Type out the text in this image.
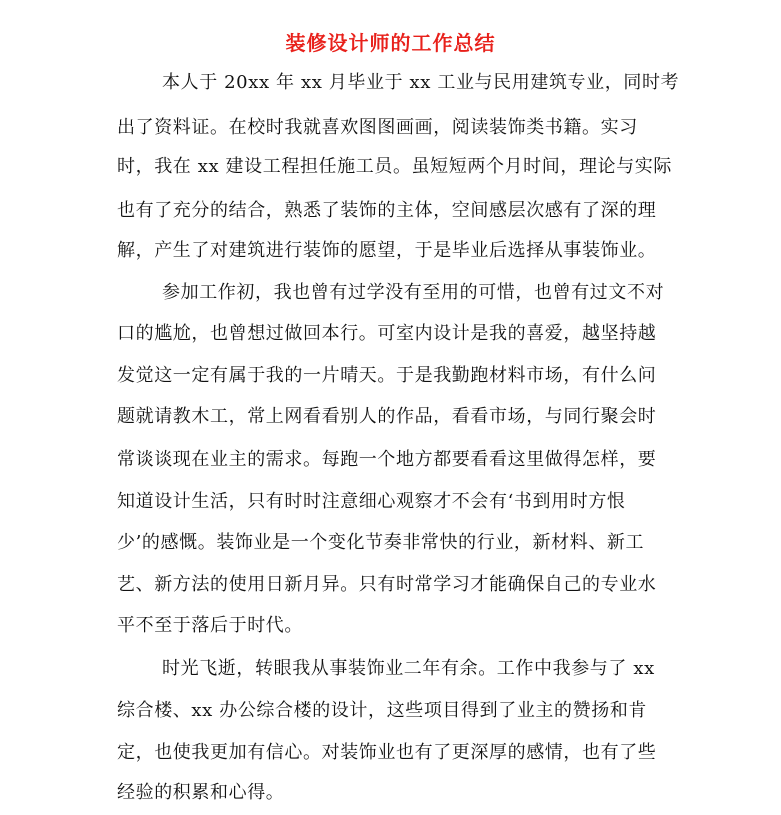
装修设计师的工作总结
本人于 20xx 年 xx 月毕业于 xx 工业与民用建筑专业，同时考
出了资料证。在校时我就喜欢图图画画，阅读装饰类书籍。实习
时，我在 xx 建设工程担任施工员。虽短短两个月时间，理论与实际
也有了充分的结合，熟悉了装饰的主体，空间感层次感有了深的理
解，产生了对建筑进行装饰的愿望，于是毕业后选择从事装饰业。
参加工作初，我也曾有过学没有至用的可惜，也曾有过文不对
口的尴尬，也曾想过做回本行。可室内设计是我的喜爱，越坚持越
发觉这一定有属于我的一片晴天。于是我勤跑材料市场，有什么问
题就请教木工，常上网看看别人的作品，看看市场，与同行聚会时
常谈谈现在业主的需求。每跑一个地方都要看看这里做得怎样，要
知道设计生活，只有时时注意细心观察才不会有‘书到用时方恨
少’的感慨。装饰业是一个变化节奏非常快的行业，新材料、新工
艺、新方法的使用日新月异。只有时常学习才能确保自己的专业水
平不至于落后于时代。
时光飞逝，转眼我从事装饰业二年有余。工作中我参与了 xx
综合楼、xx 办公综合楼的设计，这些项目得到了业主的赞扬和肯
定，也使我更加有信心。对装饰业也有了更深厚的感情，也有了些
经验的积累和心得。
